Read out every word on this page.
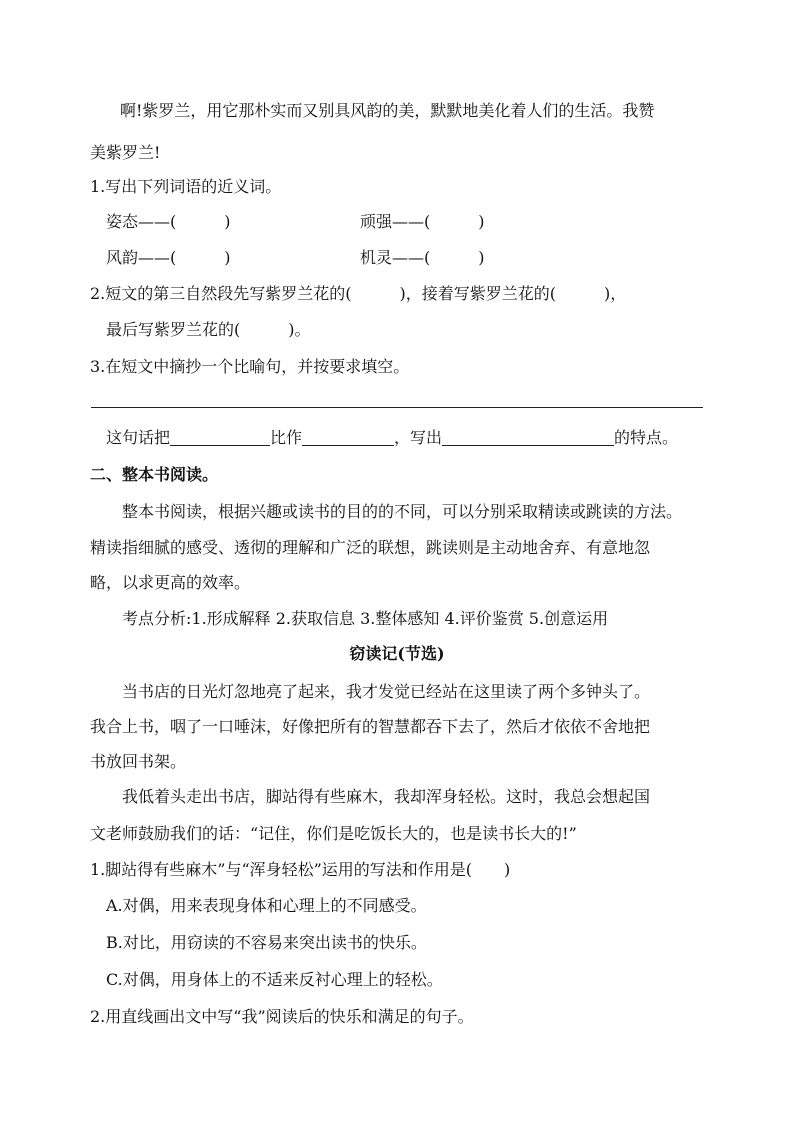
啊!紫罗兰，用它那朴实而又别具风韵的美，默默地美化着人们的生活。我赞
美紫罗兰!
1.写出下列词语的近义词。
姿态——(　　　)	顽强——(　　　)
风韵——(　　　)	机灵——(　　　)
2.短文的第三自然段先写紫罗兰花的(　　　)，接着写紫罗兰花的(　　　)，
最后写紫罗兰花的(　　　)。
3.在短文中摘抄一个比喻句，并按要求填空。
这句话把	比作	，写出	的特点。
二、整本书阅读。
整本书阅读，根据兴趣或读书的目的的不同，可以分别采取精读或跳读的方法。
精读指细腻的感受、透彻的理解和广泛的联想，跳读则是主动地舍弃、有意地忽
略，以求更高的效率。
考点分析:1.形成解释 2.获取信息 3.整体感知 4.评价鉴赏 5.创意运用
窃读记(节选)
当书店的日光灯忽地亮了起来，我才发觉已经站在这里读了两个多钟头了。
我合上书，咽了一口唾沫，好像把所有的智慧都吞下去了，然后才依依不舍地把
书放回书架。
我低着头走出书店，脚站得有些麻木，我却浑身轻松。这时，我总会想起国
文老师鼓励我们的话：“记住，你们是吃饭长大的，也是读书长大的!”
1.脚站得有些麻木”与“浑身轻松”运用的写法和作用是(　　)
A.对偶，用来表现身体和心理上的不同感受。
B.对比，用窃读的不容易来突出读书的快乐。
C.对偶，用身体上的不适来反衬心理上的轻松。
2.用直线画出文中写“我”阅读后的快乐和满足的句子。
